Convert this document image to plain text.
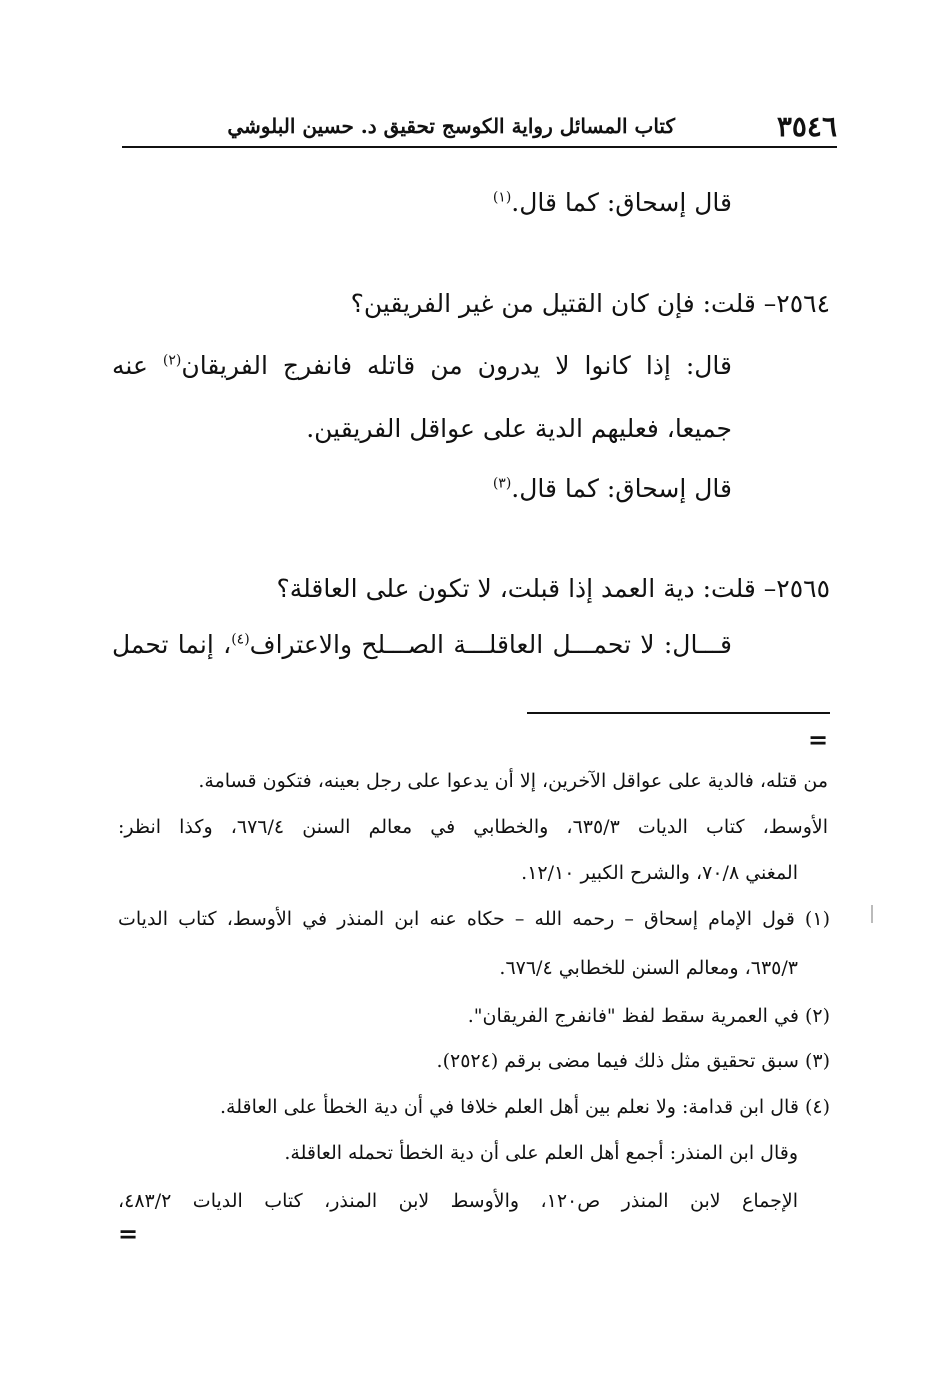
٣٥٤٦
كتاب المسائل رواية الكوسج تحقيق د. حسين البلوشي
قال إسحاق: كما قال.$^{(١)}$
٢٥٦٤– قلت: فإن كان القتيل من غير الفريقين؟
قال: إذا كانوا لا يدرون من قاتله فانفرج الفريقان$^{(٢)}$ عنه
جميعا، فعليهم الدية على عواقل الفريقين.
قال إسحاق: كما قال.$^{(٣)}$
٢٥٦٥– قلت: دية العمد إذا قبلت، لا تكون على العاقلة؟
قـــال: لا تحمـــل العاقلـــة الصـــلح والاعتراف$^{(٤)}$، إنما تحمل
=
من قتله، فالدية على عواقل الآخرين، إلا أن يدعوا على رجل بعينه، فتكون قسامة.
الأوسط، كتاب الديات ٦٣٥/٣، والخطابي في معالم السنن ٦٧٦/٤، وكذا انظر:
المغني ٧٠/٨، والشرح الكبير ١٢/١٠.
(١) قول الإمام إسحاق – رحمه الله – حكاه عنه ابن المنذر في الأوسط، كتاب الديات
٦٣٥/٣، ومعالم السنن للخطابي ٦٧٦/٤.
(٢) في العمرية سقط لفظ "فانفرج الفريقان".
(٣) سبق تحقيق مثل ذلك فيما مضى برقم (٢٥٢٤).
(٤) قال ابن قدامة: ولا نعلم بين أهل العلم خلافا في أن دية الخطأ على العاقلة.
وقال ابن المنذر: أجمع أهل العلم على أن دية الخطأ تحمله العاقلة.
الإجماع لابن المنذر ص١٢٠، والأوسط لابن المنذر، كتاب الديات ٤٨٣/٢،
=
